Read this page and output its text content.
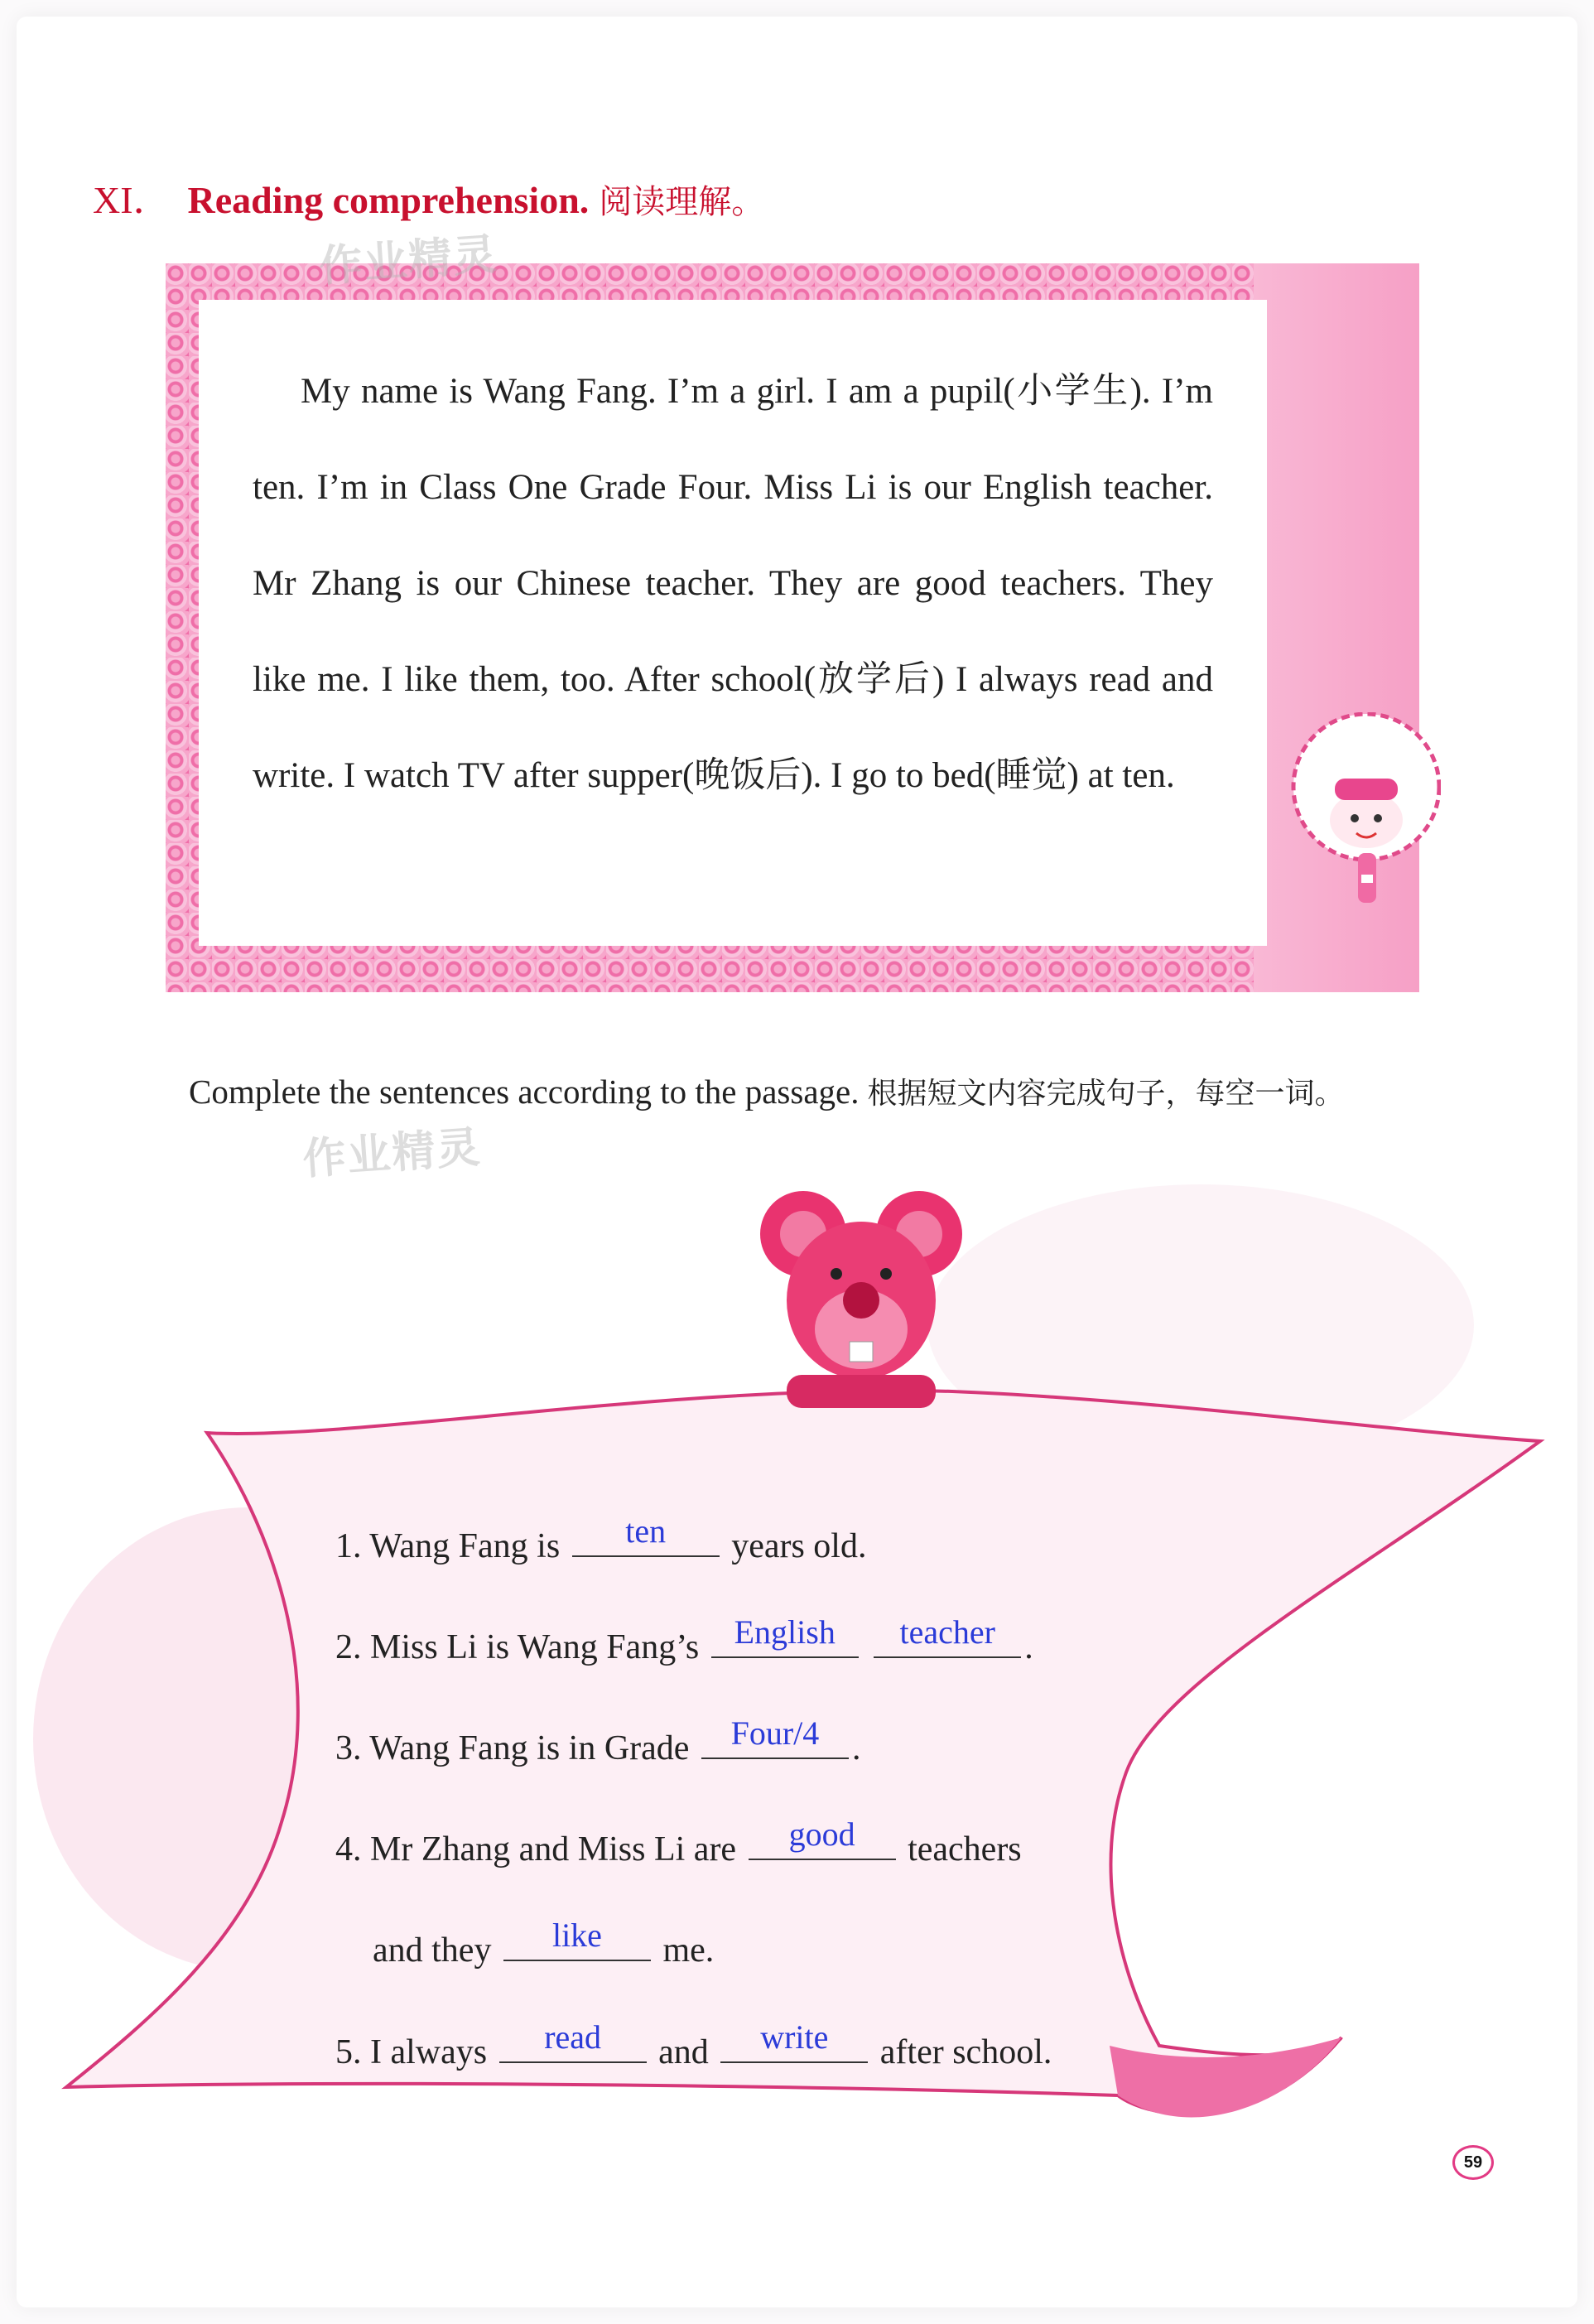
XI． Reading comprehension. 阅读理解。
作业精灵
My name is Wang Fang. I’m a girl. I am a pupil(小学生). I’m ten. I’m in Class One Grade Four. Miss Li is our English teacher. Mr Zhang is our Chinese teacher. They are good teachers. They like me. I like them, too. After school(放学后) I always read and write. I watch TV after supper(晚饭后). I go to bed(睡觉) at ten.
Complete the sentences according to the passage. 根据短文内容完成句子，每空一词。
作业精灵
1. Wang Fang is	ten	years old.
2. Miss Li is Wang Fang’s	English
	teacher .
3. Wang Fang is in Grade	Four/4 .
4. Mr Zhang and Miss Li are	good	teachers
and they	like	me.
5. I always	read	and	write	after school.
59
